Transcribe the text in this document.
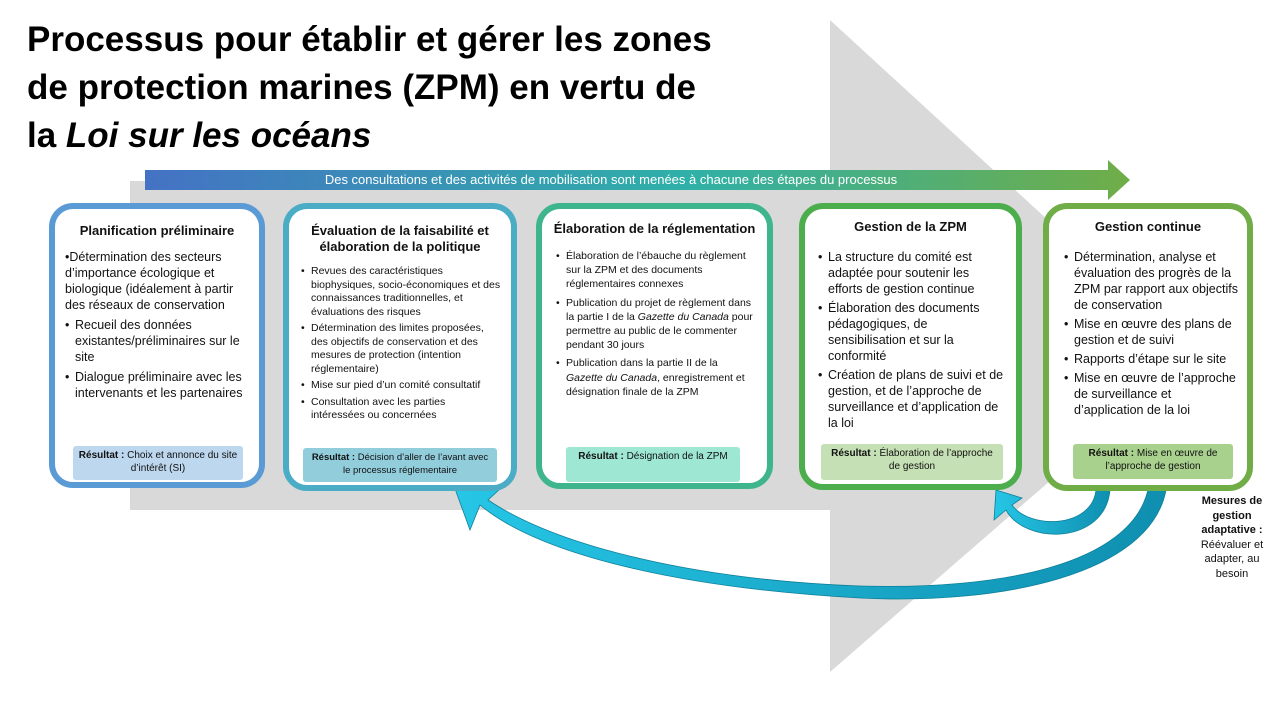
Processus pour établir et gérer les zones
de protection marines (ZPM) en vertu de
la Loi sur les océans
Des consultations et des activités de mobilisation sont menées à chacune des étapes du processus
Planification préliminaire
• Détermination des secteurs d’importance écologique et biologique (idéalement à partir des réseaux de conservation
• Recueil des données existantes/préliminaires sur le site
• Dialogue préliminaire avec les intervenants et les partenaires
Résultat : Choix et annonce du site d’intérêt (SI)
Évaluation de la faisabilité et élaboration de la politique
• Revues des caractéristiques biophysiques, socio-économiques et des connaissances traditionnelles, et évaluations des risques
• Détermination des limites proposées, des objectifs de conservation et des mesures de protection (intention réglementaire)
• Mise sur pied d’un comité consultatif
• Consultation avec les parties intéressées ou concernées
Résultat : Décision d’aller de l’avant avec le processus réglementaire
Élaboration de la réglementation
• Élaboration de l’ébauche du règlement sur la ZPM et des documents réglementaires connexes
• Publication du projet de règlement dans la partie I de la Gazette du Canada pour permettre au public de le commenter pendant 30 jours
• Publication dans la partie II de la Gazette du Canada, enregistrement et désignation finale de la ZPM
Résultat : Désignation de la ZPM
Gestion de la ZPM
• La structure du comité est adaptée pour soutenir les efforts de gestion continue
• Élaboration des documents pédagogiques, de sensibilisation et sur la conformité
• Création de plans de suivi et de gestion, et de l’approche de surveillance et d’application de la loi
Résultat : Élaboration de l’approche de gestion
Gestion continue
• Détermination, analyse et évaluation des progrès de la ZPM par rapport aux objectifs de conservation
• Mise en œuvre des plans de gestion et de suivi
• Rapports d’étape sur le site
• Mise en œuvre de l’approche de surveillance et d’application de la loi
Résultat : Mise en œuvre de l’approche de gestion
Mesures de gestion adaptative :
Réévaluer et adapter, au besoin
